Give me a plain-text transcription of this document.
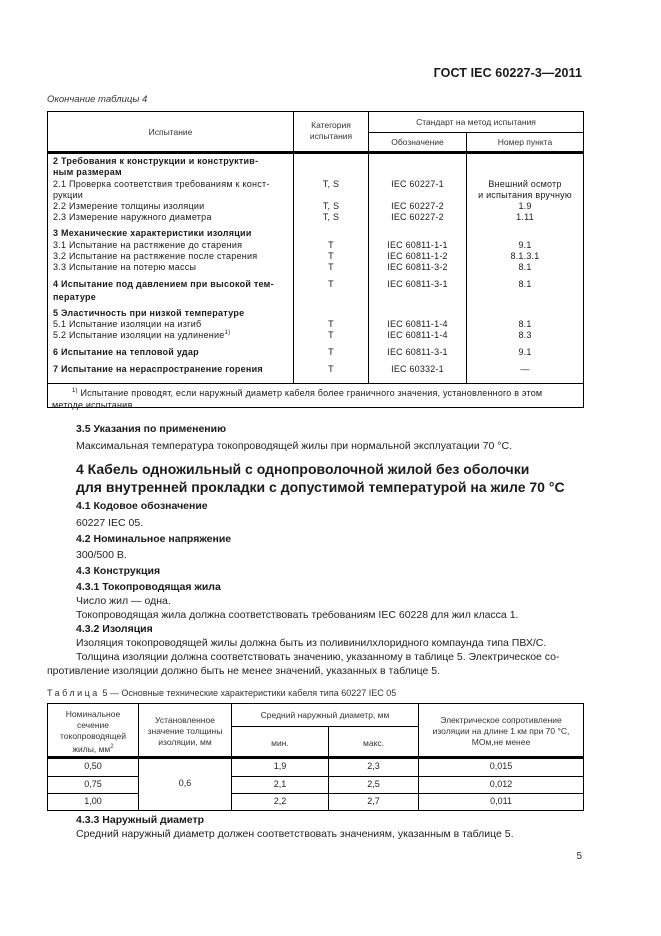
ГОСТ IEC 60227-3—2011
Окончание таблицы 4
Испытание
Категория испытания
Стандарт на метод испытания
Обозначение	Номер пункта
2 Требования к конструкции и конструктив-
ным размерам
2.1 Проверка соответствия требованиям к конст-	T, S	IEC 60227-1	Внешний осмотр
рукции	и испытания вручную
2.2 Измерение толщины изоляции	T, S	IEC 60227-2	1.9
2.3 Измерение наружного диаметра	T, S	IEC 60227-2	1.11
3 Механические характеристики изоляции
3.1 Испытание на растяжение до старения	T	IEC 60811-1-1	9.1
3.2 Испытание на растяжение после старения	T	IEC 60811-1-2	8.1.3.1
3.3 Испытание на потерю массы	T	IEC 60811-3-2	8.1
4 Испытание под давлением при высокой тем-	T	IEC 60811-3-1	8.1
пературе
5 Эластичность при низкой температуре
5.1 Испытание изоляции на изгиб	T	IEC 60811-1-4	8.1
5.2 Испытание изоляции на удлинение$^{1)}$	T	IEC 60811-1-4	8.3
6 Испытание на тепловой удар	T	IEC 60811-3-1	9.1
7 Испытание на нераспространение горения	T	IEC 60332-1	—
$^{1)}$ Испытание проводят, если наружный диаметр кабеля более граничного значения, установленного в этом
методе испытания.
3.5 Указания по применению
Максимальная температура токопроводящей жилы при нормальной эксплуатации 70 °C.
4 Кабель одножильный с однопроволочной жилой без оболочки
для внутренней прокладки с допустимой температурой на жиле 70 °C
4.1 Кодовое обозначение
60227 IEC 05.
4.2 Номинальное напряжение
300/500 В.
4.3 Конструкция
4.3.1 Токопроводящая жила
Число жил — одна.
Токопроводящая жила должна соответствовать требованиям IEC 60228 для жил класса 1.
4.3.2 Изоляция
Изоляция токопроводящей жилы должна быть из поливинилхлоридного компаунда типа ПВХ/С.
Толщина изоляции должна соответствовать значению, указанному в таблице 5. Электрическое со-
противление изоляции должно быть не менее значений, указанных в таблице 5.
Таблица 5 — Основные технические характеристики кабеля типа 60227 IEC 05
Номинальное
сечение
токопроводящей
жилы, $мм^2$
Установленное
значение толщины
изоляции, мм
Средний наружный диаметр, мм
мин.	макс.
Электрическое сопротивление
изоляции на длине 1 км при 70 °C,
МОм,не менее
0,6
0,50	1,9	2,3	0,015
0,75	2,1	2,5	0,012
1,00	2,2	2,7	0,011
4.3.3 Наружный диаметр
Средний наружный диаметр должен соответствовать значениям, указанным в таблице 5.
5
